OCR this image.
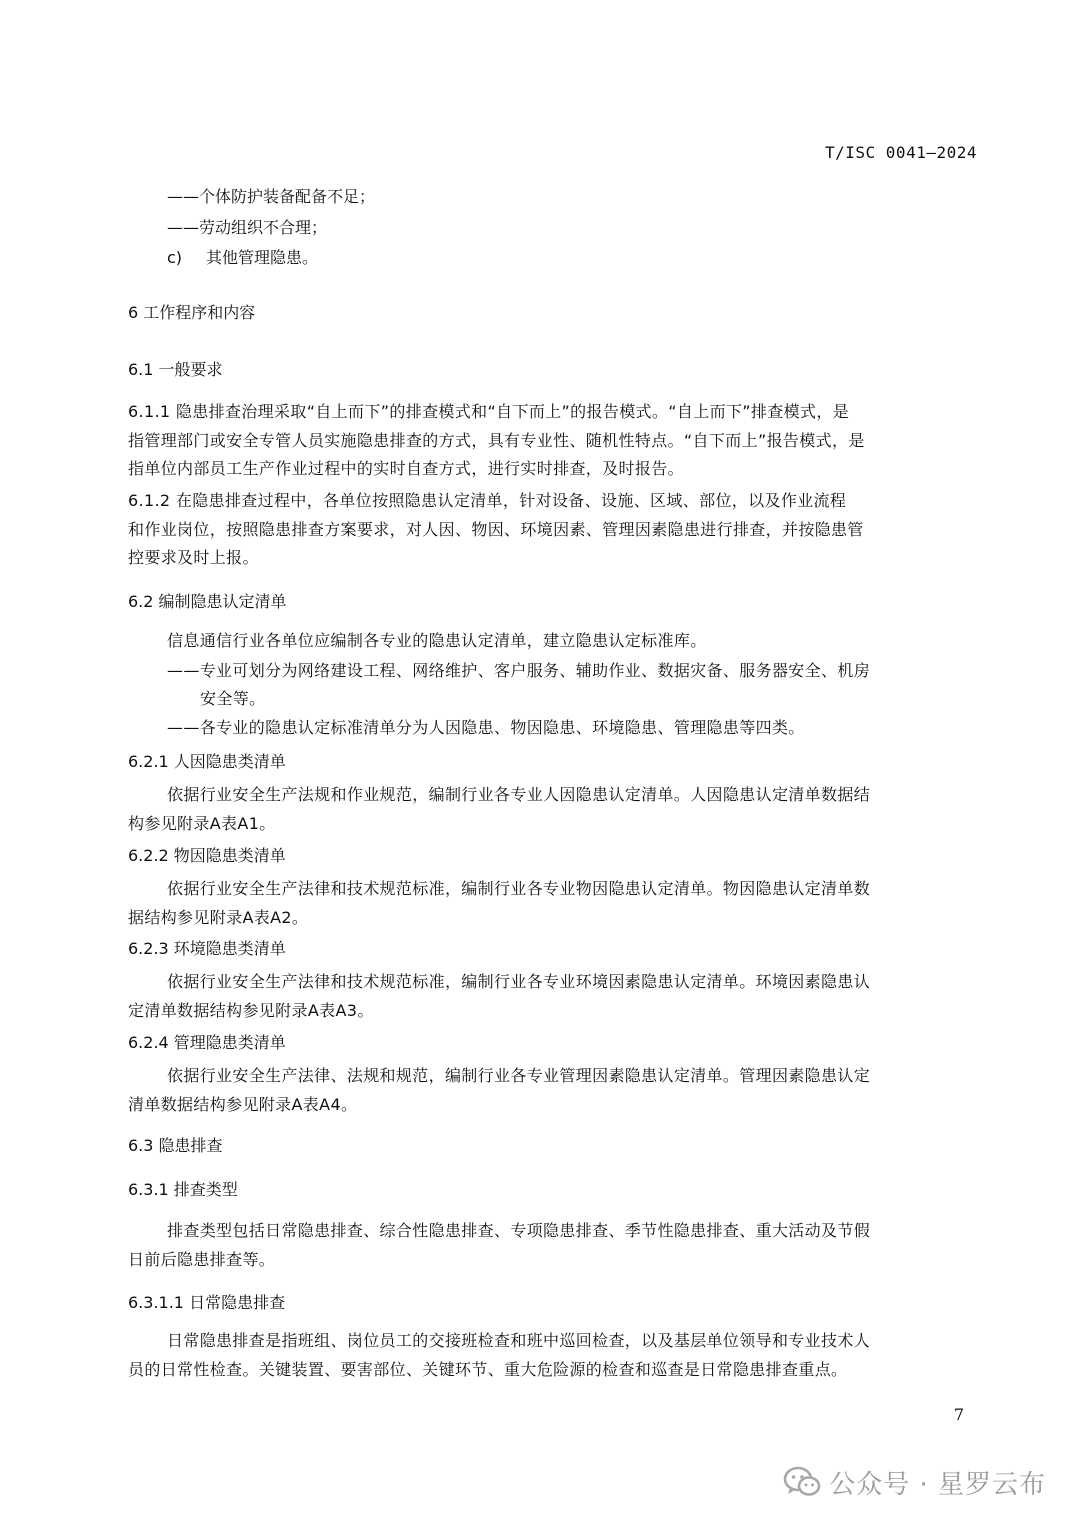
T/ISC 0041—2024
——个体防护装备配备不足；
——劳动组织不合理；
c) 其他管理隐患。
6 工作程序和内容
6.1 一般要求
6.1.1 隐患排查治理采取“自上而下”的排查模式和“自下而上”的报告模式。“自上而下”排查模式，是
指管理部门或安全专管人员实施隐患排查的方式，具有专业性、随机性特点。“自下而上”报告模式，是
指单位内部员工生产作业过程中的实时自查方式，进行实时排查，及时报告。
6.1.2 在隐患排查过程中，各单位按照隐患认定清单，针对设备、设施、区域、部位，以及作业流程
和作业岗位，按照隐患排查方案要求，对人因、物因、环境因素、管理因素隐患进行排查，并按隐患管
控要求及时上报。
6.2 编制隐患认定清单
信息通信行业各单位应编制各专业的隐患认定清单，建立隐患认定标准库。
——专业可划分为网络建设工程、网络维护、客户服务、辅助作业、数据灾备、服务器安全、机房
安全等。
——各专业的隐患认定标准清单分为人因隐患、物因隐患、环境隐患、管理隐患等四类。
6.2.1 人因隐患类清单
依据行业安全生产法规和作业规范，编制行业各专业人因隐患认定清单。人因隐患认定清单数据结
构参见附录A表A1。
6.2.2 物因隐患类清单
依据行业安全生产法律和技术规范标准，编制行业各专业物因隐患认定清单。物因隐患认定清单数
据结构参见附录A表A2。
6.2.3 环境隐患类清单
依据行业安全生产法律和技术规范标准，编制行业各专业环境因素隐患认定清单。环境因素隐患认
定清单数据结构参见附录A表A3。
6.2.4 管理隐患类清单
依据行业安全生产法律、法规和规范，编制行业各专业管理因素隐患认定清单。管理因素隐患认定
清单数据结构参见附录A表A4。
6.3 隐患排查
6.3.1 排查类型
排查类型包括日常隐患排查、综合性隐患排查、专项隐患排查、季节性隐患排查、重大活动及节假
日前后隐患排查等。
6.3.1.1 日常隐患排查
日常隐患排查是指班组、岗位员工的交接班检查和班中巡回检查，以及基层单位领导和专业技术人
员的日常性检查。关键装置、要害部位、关键环节、重大危险源的检查和巡查是日常隐患排查重点。
7
公众号 · 星罗云布
